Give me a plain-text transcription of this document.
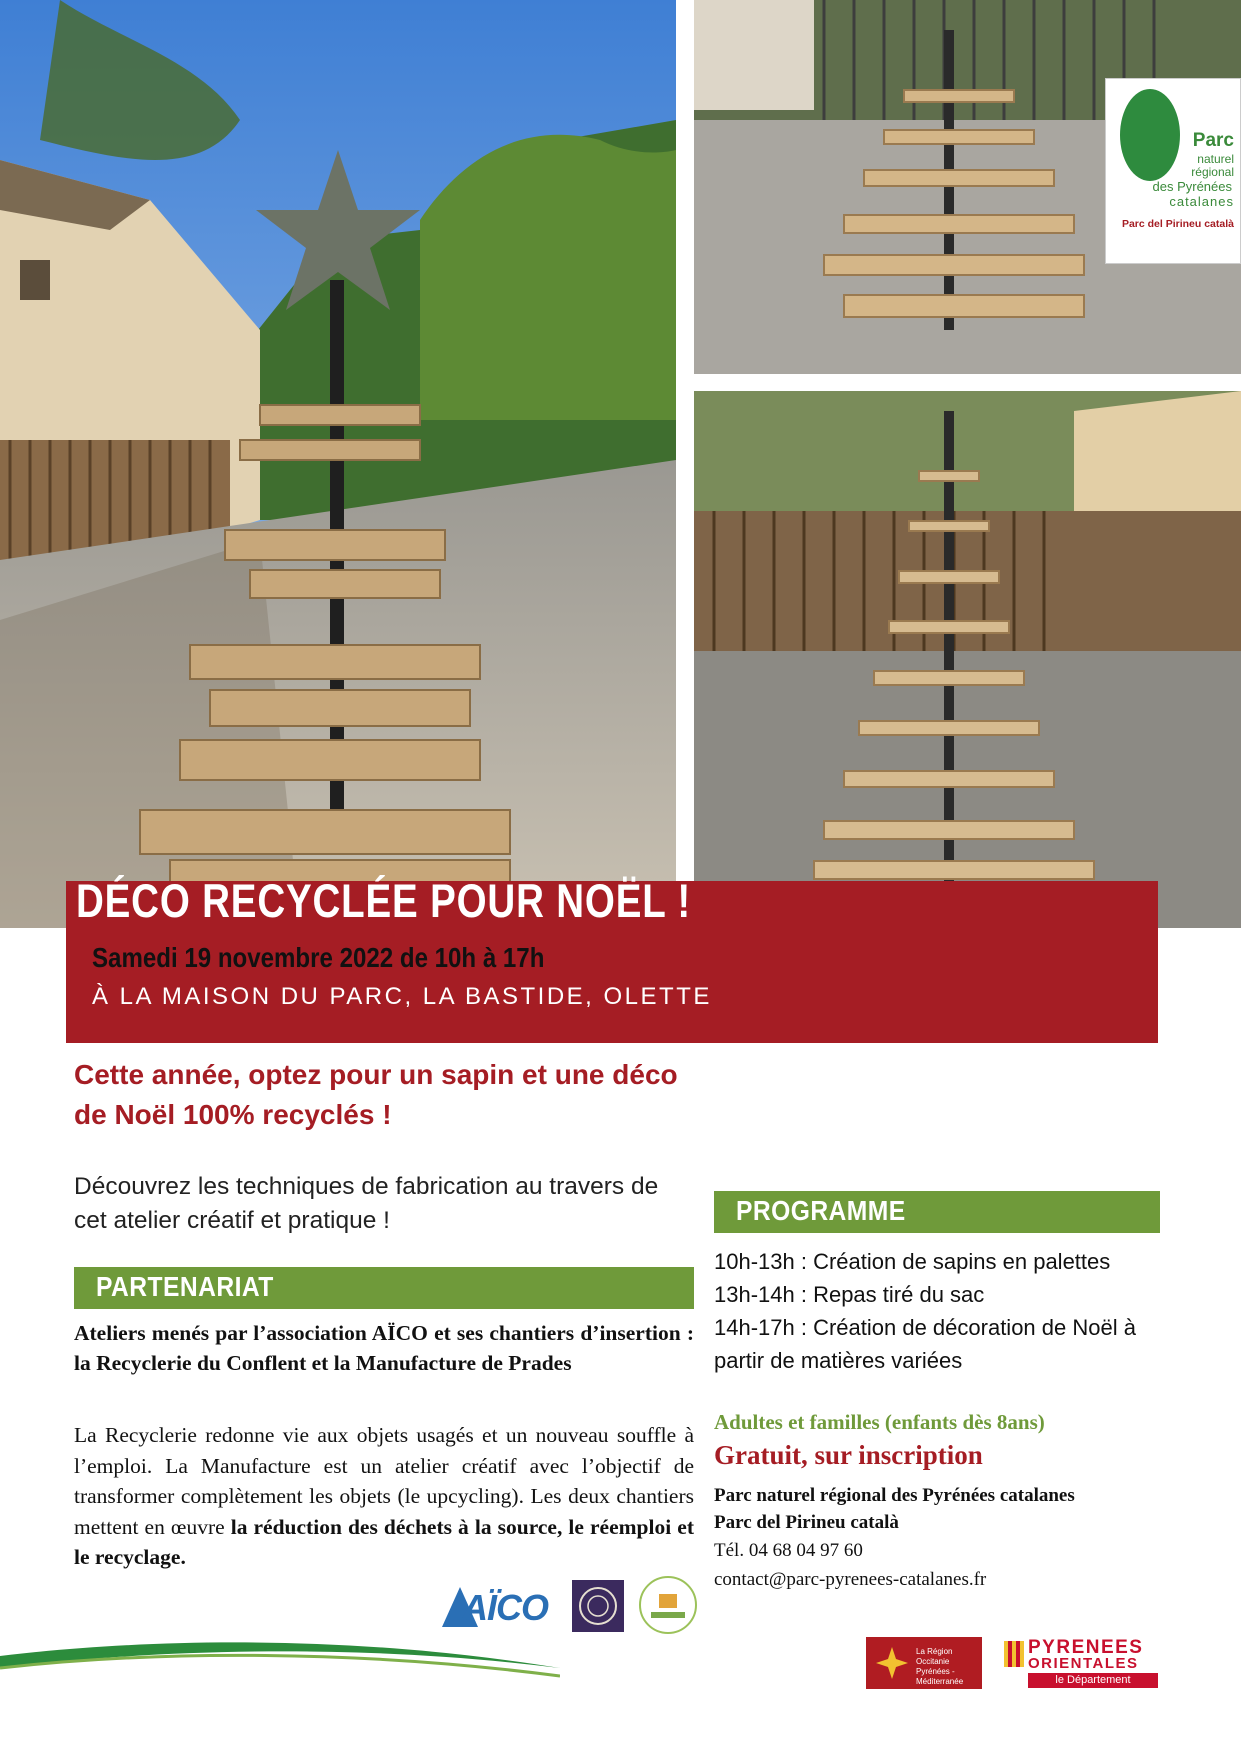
Parc
naturel
régional
des Pyrénées
catalanes
Parc del Pirineu català
DÉCO RECYCLÉE POUR NOËL !
Samedi 19 novembre 2022 de 10h à 17h
À LA MAISON DU PARC, LA BASTIDE, OLETTE
Cette année, optez pour un sapin et une déco de Noël 100% recyclés !
Découvrez les techniques de fabrication au travers de cet atelier créatif et pratique !
PARTENARIAT
Ateliers menés par l’association AÏCO et ses chantiers d’insertion : la Recyclerie du Conflent et la Manufacture de Prades
La Recyclerie redonne vie aux objets usagés et un nouveau souffle à l’emploi. La Manufacture est un atelier créatif avec l’objectif de transformer complètement les objets (le upcycling). Les deux chantiers mettent en œuvre la réduction des déchets à la source, le réemploi et le recyclage.
PROGRAMME
10h-13h : Création de sapins en palettes
13h-14h : Repas tiré du sac
14h-17h : Création de décoration de Noël à partir de matières variées
Adultes et familles (enfants dès 8ans)
Gratuit, sur inscription
Parc naturel régional des Pyrénées catalanes
Parc del Pirineu català
Tél. 04 68 04 97 60
contact@parc-pyrenees-catalanes.fr
AÏCO
La Région Occitanie Pyrénées - Méditerranée
PYRENEES
ORIENTALES
le Département
